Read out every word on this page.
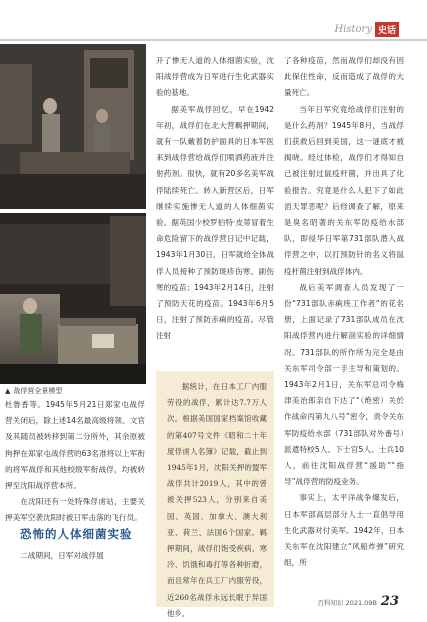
History 史话
▲ 战俘营全景模型

杜鲁香等。1945年5月21日郑家屯战俘营关闭后，除上述14名最高级将领、文官及其随员被转移到第二分所外，其余原被拘押在郑家屯战俘营的63名准将以上军衔的将军战俘和其他校级军衔战俘，均被转押至沈阳战俘营本所。

在沈阳还有一处特殊俘虏站，主要关押美军空袭沈阳时被日军击落的飞行员。

恐怖的人体细菌实验

二战期间，日军对战俘展

开了惨无人道的人体细菌实验，沈阳战俘营成为日军进行生化武器实验的基地。

据美军战俘回忆，早在1942年初，战俘们在北大营羁押期间，就有一队戴着防护面具的日本军医来到战俘营给战俘们喷洒药液并注射药剂。很快，就有20多名美军战俘陆续死亡。转入新营区后，日军继续实施惨无人道的人体细菌实验。据英国少校罗伯特·皮蒂冒着生命危险留下的战俘营日记中记载，1943年1月30日，日军就给全体战俘人员接种了预防斑疹伤寒、副伤寒的疫苗；1943年2月14日，注射了预防天花的疫苗。1943年6月5日，注射了预防赤痢的疫苗。尽管注射

据统计，在日本工厂内服劳役的战俘，累计达7.7万人次。根据美国国家档案馆收藏的第407号文件《昭和二十年度俘虏人名簿》记载，截止到1945年1月，沈阳关押的盟军战俘共计2019人，其中的曾被关押523人，分别来自美国、英国、加拿大、澳大利亚、荷兰、法国6个国家。羁押期间，战俘们饱受疾病、寒冷、饥饿和毒打等各种折磨，而且常年在兵工厂内服劳役，近260名战俘永远长眠于异国他乡。

了各种疫苗，然而战俘们却没有因此保住性命，反而造成了战俘的大量死亡。

当年日军究竟给战俘们注射的是什么药剂？1945年8月，当战俘们获救后回到美国，这一谜底才被揭晓。经过体检，战俘们才得知自己被注射过鼠疫杆菌，并出具了化验报告。究竟是什么人犯下了如此滔天罪恶呢？后经调查了解，原来是臭名昭著的关东军防疫给水部队，即侵华日军第731部队潜入战俘营之中，以打预防针的名义将鼠疫杆菌注射到战俘体内。

战后美军调查人员发现了一份“731部队赤痢班工作者”的花名册，上面记录了731部队成员在沈阳战俘营内进行解剖实验的详细情况。731部队的所作所为完全是由关东军司令部一手主导和策划的。1943年2月1日，关东军总司令梅津美治郎亲自下达了“（绝密）关於作战命丙第九八号”密令，责令关东军防疫给水部（731部队对外番号）派遣特校5人、下士官5人、士兵10人，前往沈阳战俘营“援助”“指导”战俘营的防疫业务。

事实上，太平洋战争爆发后，日本军部高层部分人士一直倡导用生化武器对付美军。1942年，日本关东军在沈阳建立“风船炸弹”研究组，所

百科知识 2021.09B 23
